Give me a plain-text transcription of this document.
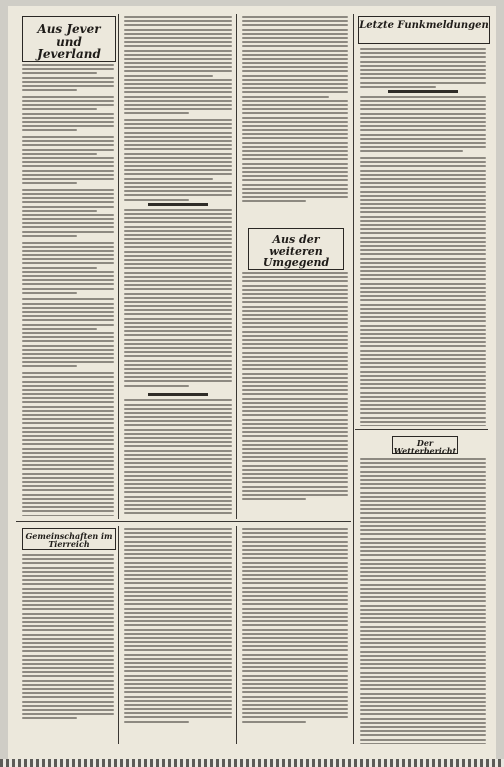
Aus Jever und Jeverland
Aus der weiteren Umgegend
Gemeinschaften im Tierreich
Letzte Funkmeldungen
Der Wetterbericht
